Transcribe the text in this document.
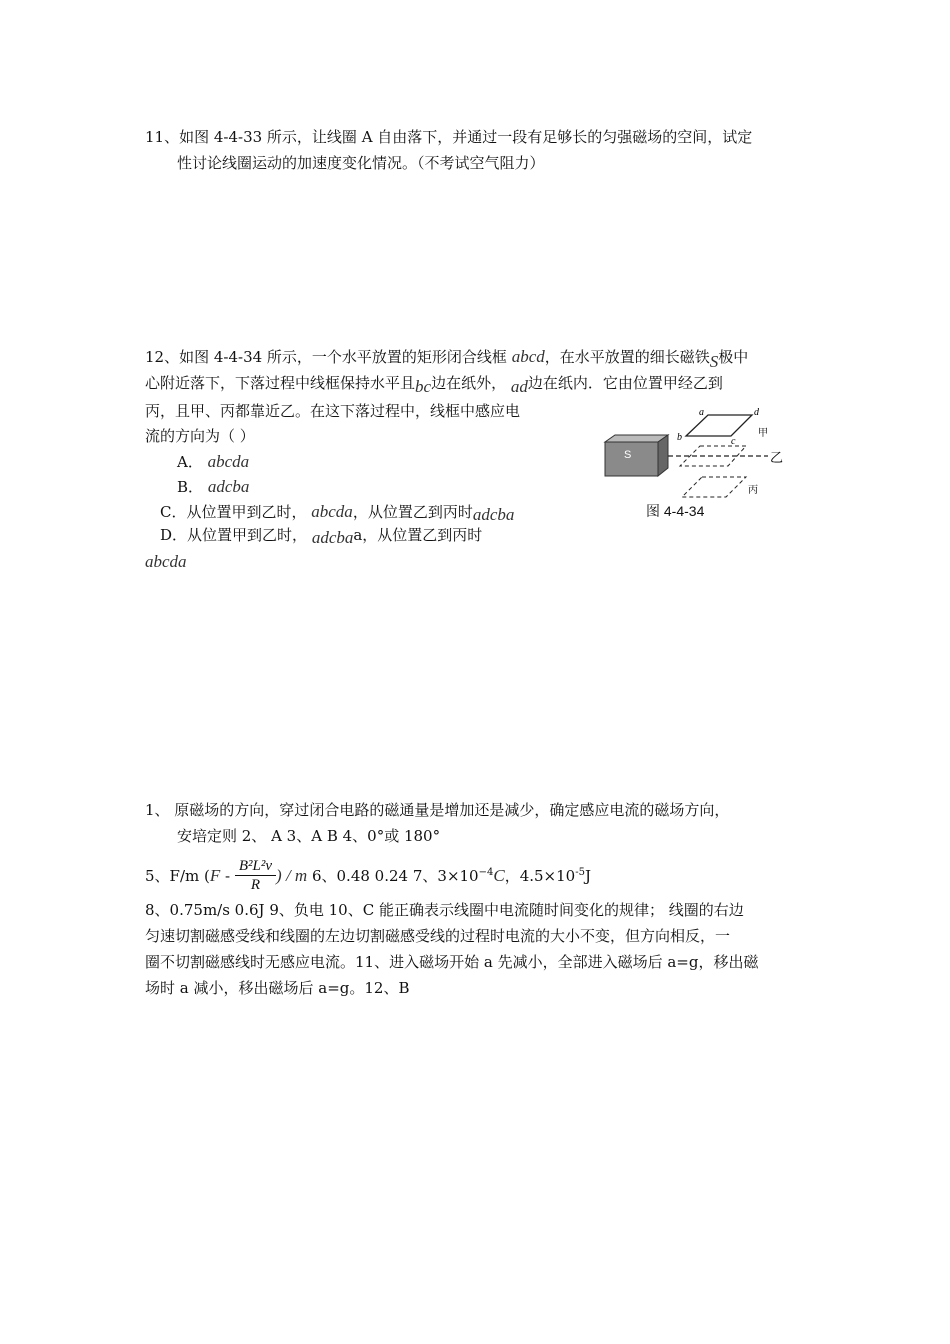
11、如图 4-4-33 所示，让线圈 A 自由落下，并通过一段有足够长的匀强磁场的空间，试定
性讨论线圈运动的加速度变化情况。（不考试空气阻力）
12、如图 4-4-34 所示，一个水平放置的矩形闭合线框 abcd，在水平放置的细长磁铁S极中
心附近落下，下落过程中线框保持水平且bc边在纸外， ad边在纸内．它由位置甲经乙到
丙，且甲、丙都靠近乙。在这下落过程中，线框中感应电
流的方向为（ ）
A． abcda
B． adcba
C．从位置甲到乙时， abcda，从位置乙到丙时adcba
D．从位置甲到乙时， adcbaa，从位置乙到丙时
abcda
S	乙
a	d
b	c
甲
丙
图 4-4-34
1、 原磁场的方向，穿过闭合电路的磁通量是增加还是减少，确定感应电流的磁场方向，
安培定则 2、 A 3、A B 4、0°或 180°
5、F/m ($F - \frac{\text{B²L²v}}{R}$ ) / m 6、0.48 0.24 7、$3\times 10^{-4}C$，$4.5\times 10^{-5}J$
8、0.75m/s 0.6J 9、负电 10、C 能正确表示线圈中电流随时间变化的规律； 线圈的右边
匀速切割磁感受线和线圈的左边切割磁感受线的过程时电流的大小不变，但方向相反，一
圈不切割磁感线时无感应电流。11、进入磁场开始 a 先减小，全部进入磁场后 a=g，移出磁
场时 a 减小，移出磁场后 a=g。12、B
